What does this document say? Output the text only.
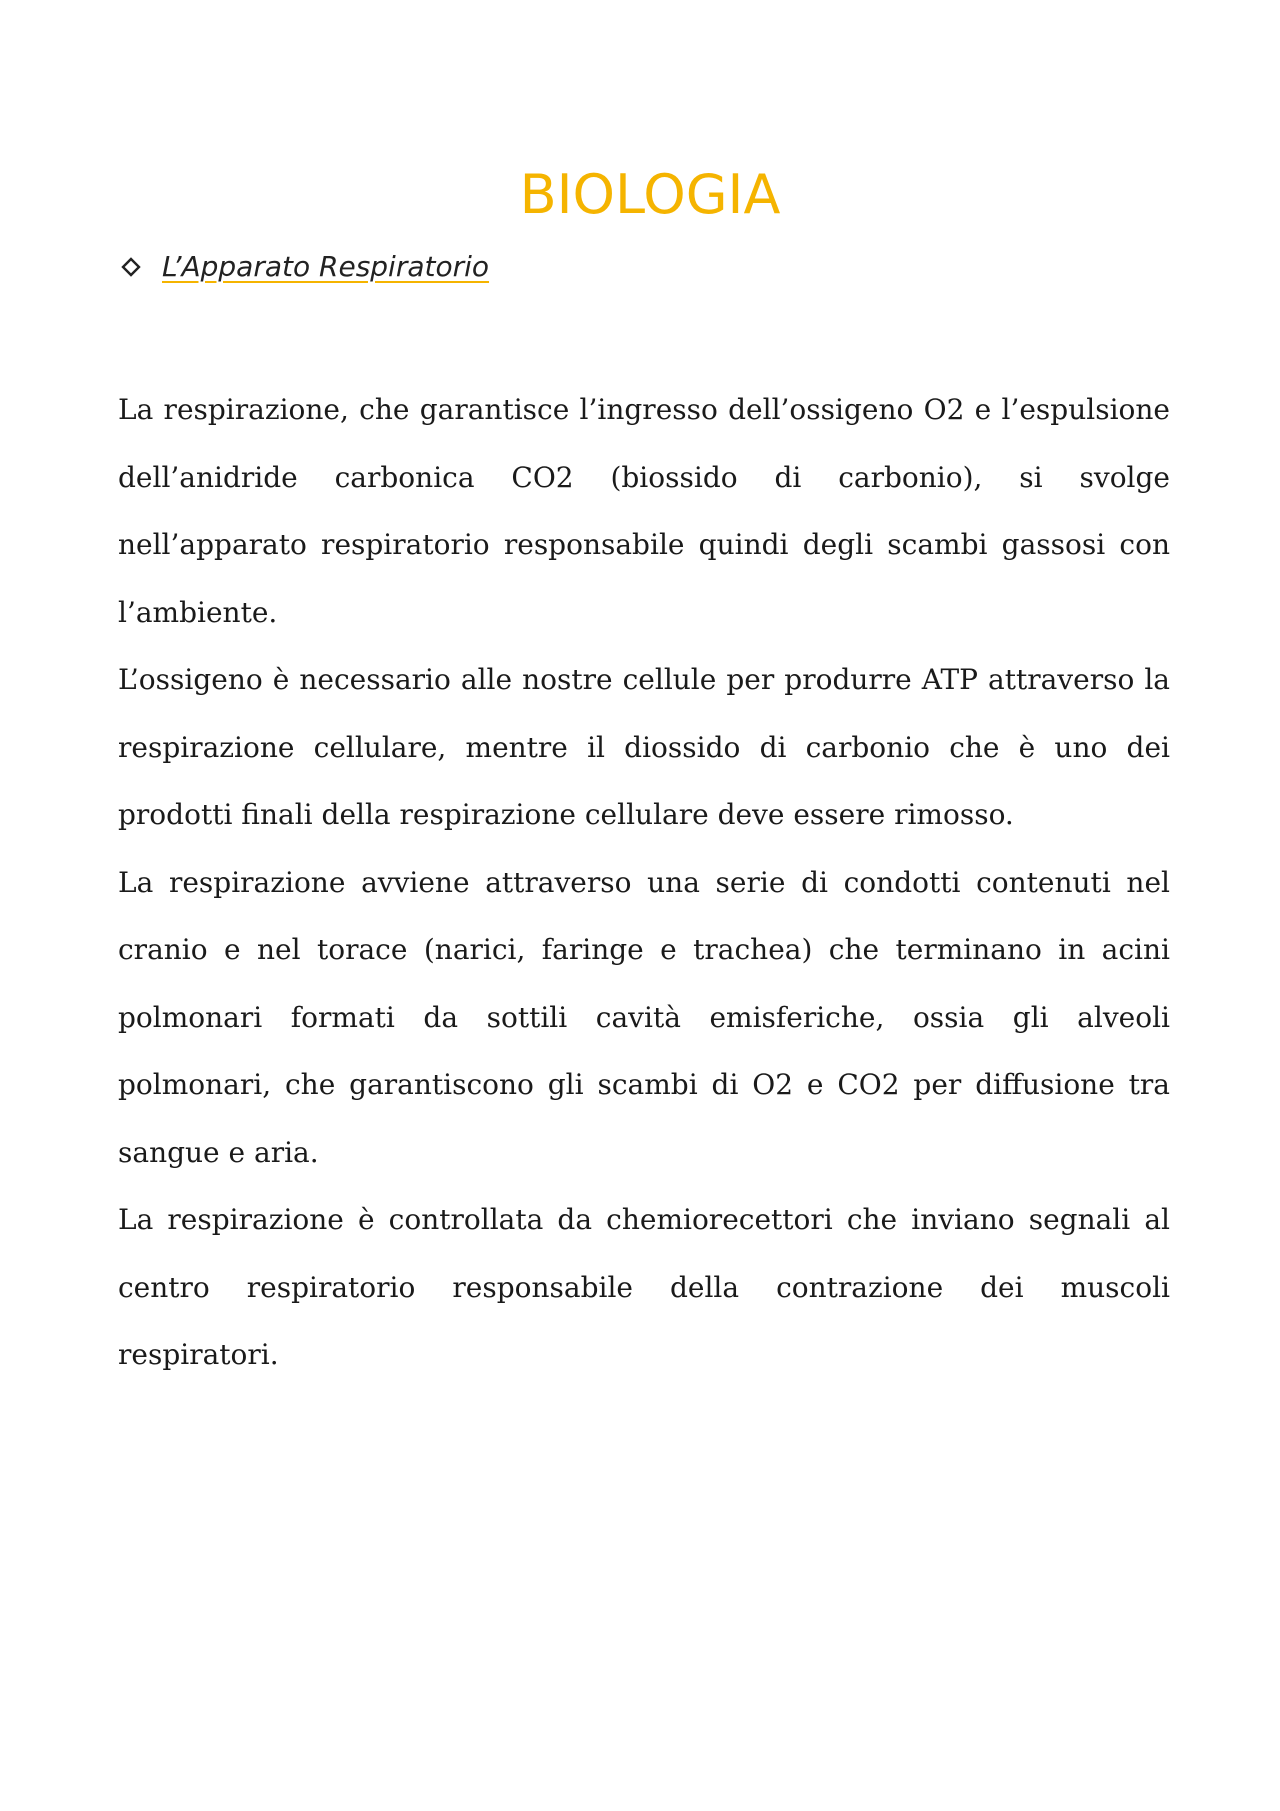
BIOLOGIA
L’Apparato Respiratorio

La respirazione, che garantisce l’ingresso dell’ossigeno O2 e l’espulsione dell’anidride carbonica CO2 (biossido di carbonio), si svolge nell’apparato respiratorio responsabile quindi degli scambi gassosi con l’ambiente.

L’ossigeno è necessario alle nostre cellule per produrre ATP attraverso la respirazione cellulare, mentre il diossido di carbonio che è uno dei prodotti finali della respirazione cellulare deve essere rimosso.

La respirazione avviene attraverso una serie di condotti contenuti nel cranio e nel torace (narici, faringe e trachea) che terminano in acini polmonari formati da sottili cavità emisferiche, ossia gli alveoli polmonari, che garantiscono gli scambi di O2 e CO2 per diffusione tra sangue e aria.

La respirazione è controllata da chemiorecettori che inviano segnali al centro respiratorio responsabile della contrazione dei muscoli respiratori.
